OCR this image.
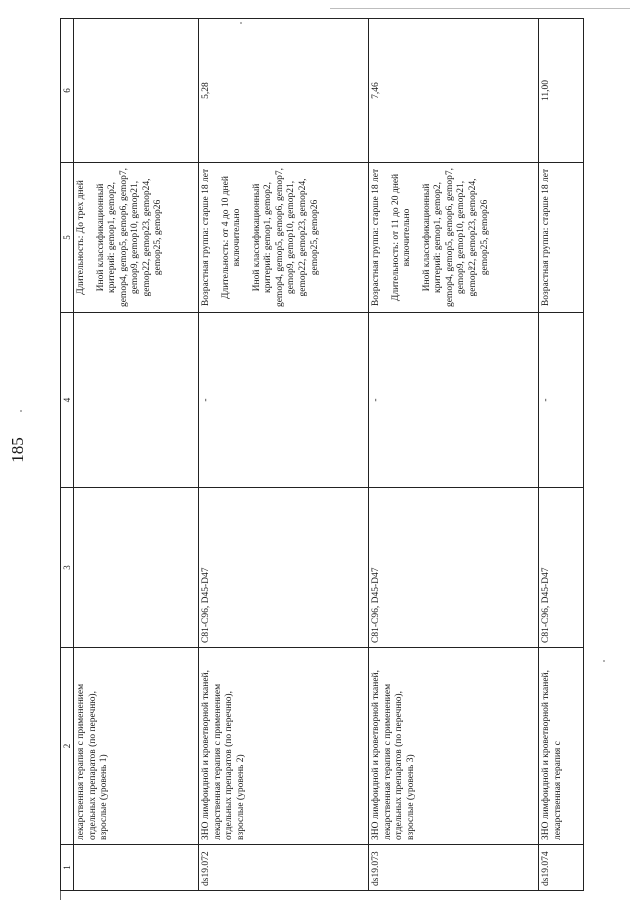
185
1	2	3	4	5	6
	лекарственная терапия с применением отдельных препаратов (по перечню), взрослые (уровень 1)			Длительность: До трех дней Иной классификационный критерий: gemop1, gemop2, gemop4, gemop5, gemop6, gemop7, gemop9, gemop10, gemop21, gemop22, gemop23, gemop24, gemop25, gemop26	

ds19.072	ЗНО лимфоидной и кроветворной тканей, лекарственная терапия с применением отдельных препаратов (по перечню), взрослые (уровень 2)	C81-C96, D45-D47	-	Возрастная группа: старше 18 лет Длительность: от 4 до 10 дней включительно Иной классификационный критерий: gemop1, gemop2, gemop4, gemop5, gemop6, gemop7, gemop9, gemop10, gemop21, gemop22, gemop23, gemop24, gemop25, gemop26	5,28
ds19.073	ЗНО лимфоидной и кроветворной тканей, лекарственная терапия с применением отдельных препаратов (по перечню), взрослые (уровень 3)	C81-C96, D45-D47	-	Возрастная группа: старше 18 лет Длительность: от 11 до 20 дней включительно Иной классификационный критерий: gemop1, gemop2, gemop4, gemop5, gemop6, gemop7, gemop9, gemop10, gemop21, gemop22, gemop23, gemop24, gemop25, gemop26	7,46
ds19.074	ЗНО лимфоидной и кроветворной тканей, лекарственная терапия с	C81-C96, D45-D47	-	Возрастная группа: старше 18 лет	11,00
